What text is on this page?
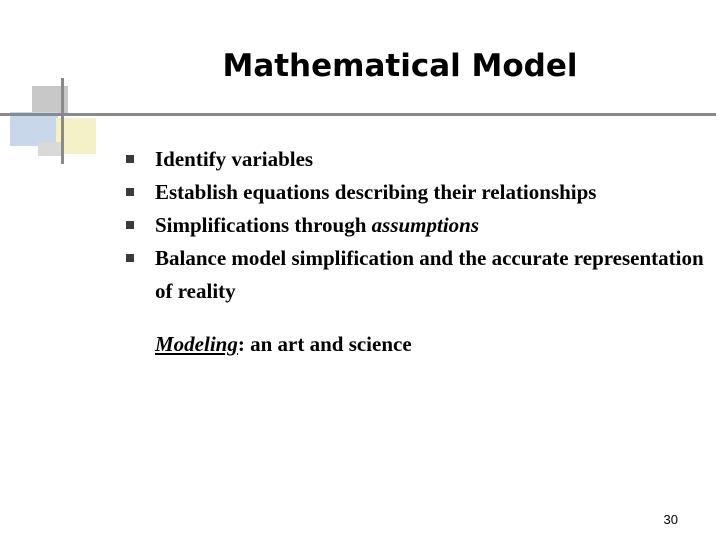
Mathematical Model
Identify variables
Establish equations describing their relationships
Simplifications through assumptions
Balance model simplification and the accurate representation of reality
Modeling: an art and science
30
